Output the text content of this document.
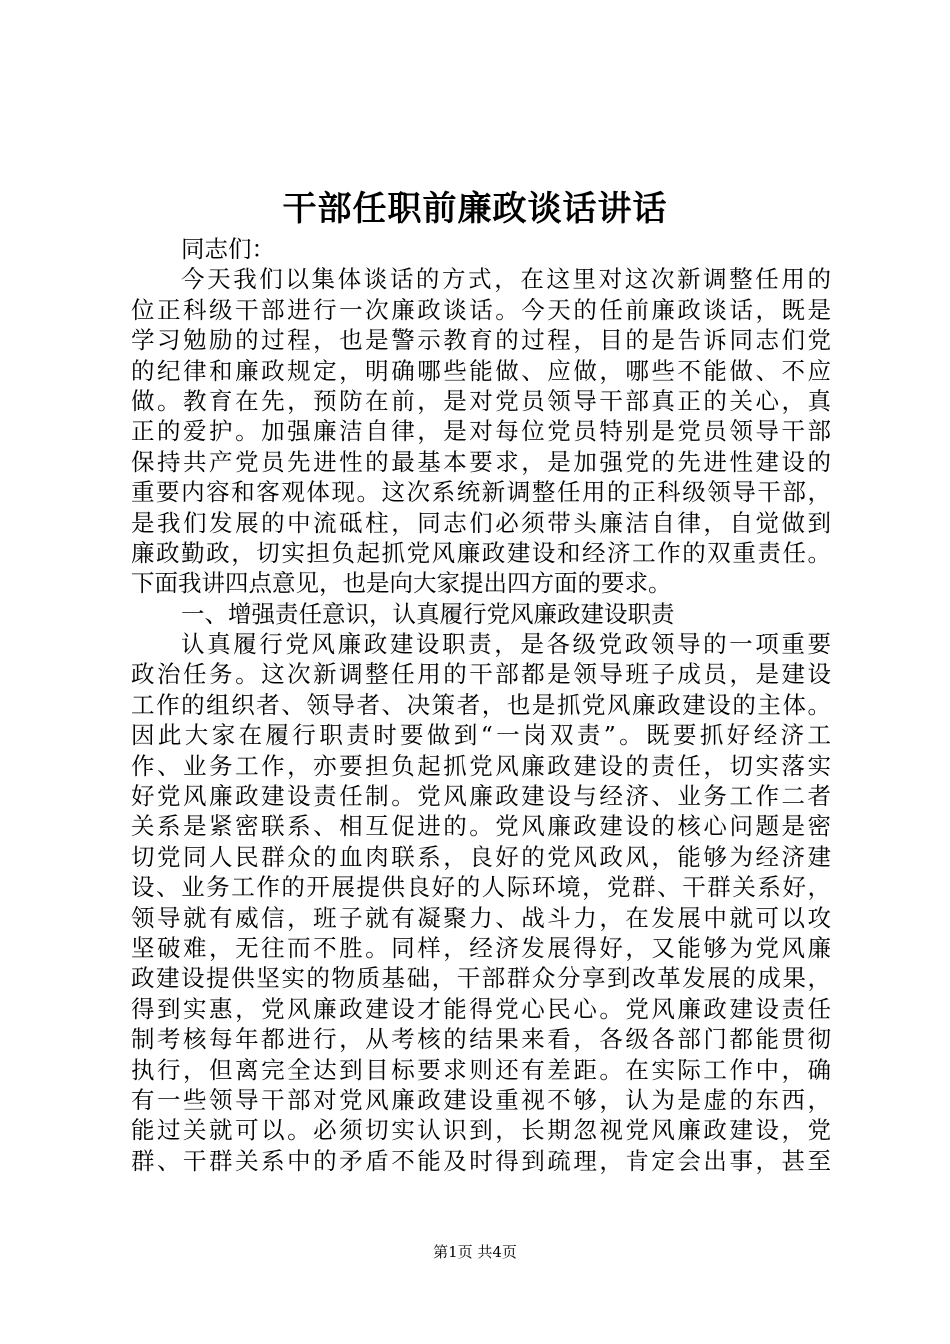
干部任职前廉政谈话讲话
同志们：
今天我们以集体谈话的方式，在这里对这次新调整任用的
位正科级干部进行一次廉政谈话。今天的任前廉政谈话，既是
学习勉励的过程，也是警示教育的过程，目的是告诉同志们党
的纪律和廉政规定，明确哪些能做、应做，哪些不能做、不应
做。教育在先，预防在前，是对党员领导干部真正的关心，真
正的爱护。加强廉洁自律，是对每位党员特别是党员领导干部
保持共产党员先进性的最基本要求，是加强党的先进性建设的
重要内容和客观体现。这次系统新调整任用的正科级领导干部，
是我们发展的中流砥柱，同志们必须带头廉洁自律，自觉做到
廉政勤政，切实担负起抓党风廉政建设和经济工作的双重责任。
下面我讲四点意见，也是向大家提出四方面的要求。
一、增强责任意识，认真履行党风廉政建设职责
认真履行党风廉政建设职责，是各级党政领导的一项重要
政治任务。这次新调整任用的干部都是领导班子成员，是建设
工作的组织者、领导者、决策者，也是抓党风廉政建设的主体。
因此大家在履行职责时要做到“一岗双责”。既要抓好经济工
作、业务工作，亦要担负起抓党风廉政建设的责任，切实落实
好党风廉政建设责任制。党风廉政建设与经济、业务工作二者
关系是紧密联系、相互促进的。党风廉政建设的核心问题是密
切党同人民群众的血肉联系，良好的党风政风，能够为经济建
设、业务工作的开展提供良好的人际环境，党群、干群关系好，
领导就有威信，班子就有凝聚力、战斗力，在发展中就可以攻
坚破难，无往而不胜。同样，经济发展得好，又能够为党风廉
政建设提供坚实的物质基础，干部群众分享到改革发展的成果，
得到实惠，党风廉政建设才能得党心民心。党风廉政建设责任
制考核每年都进行，从考核的结果来看，各级各部门都能贯彻
执行，但离完全达到目标要求则还有差距。在实际工作中，确
有一些领导干部对党风廉政建设重视不够，认为是虚的东西，
能过关就可以。必须切实认识到，长期忽视党风廉政建设，党
群、干群关系中的矛盾不能及时得到疏理，肯定会出事，甚至
第1页 共4页
